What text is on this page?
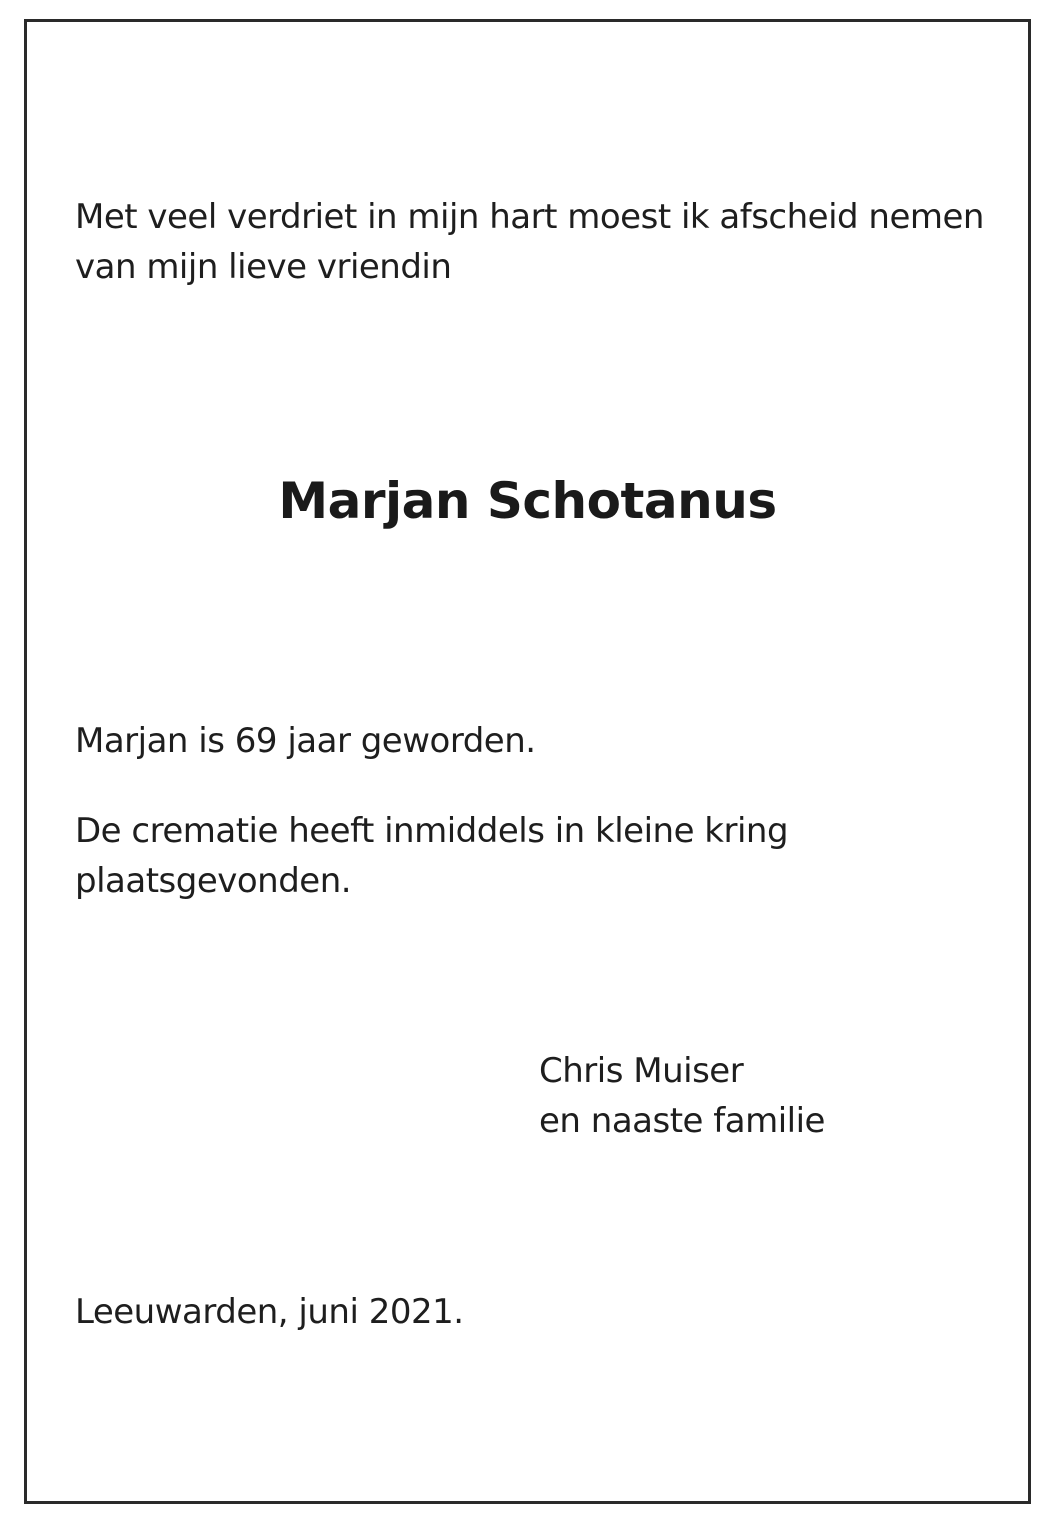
Met veel verdriet in mijn hart moest ik afscheid nemen
van mijn lieve vriendin
Marjan Schotanus
Marjan is 69 jaar geworden.
De crematie heeft inmiddels in kleine kring
plaatsgevonden.
Chris Muiser
en naaste familie
Leeuwarden, juni 2021.
